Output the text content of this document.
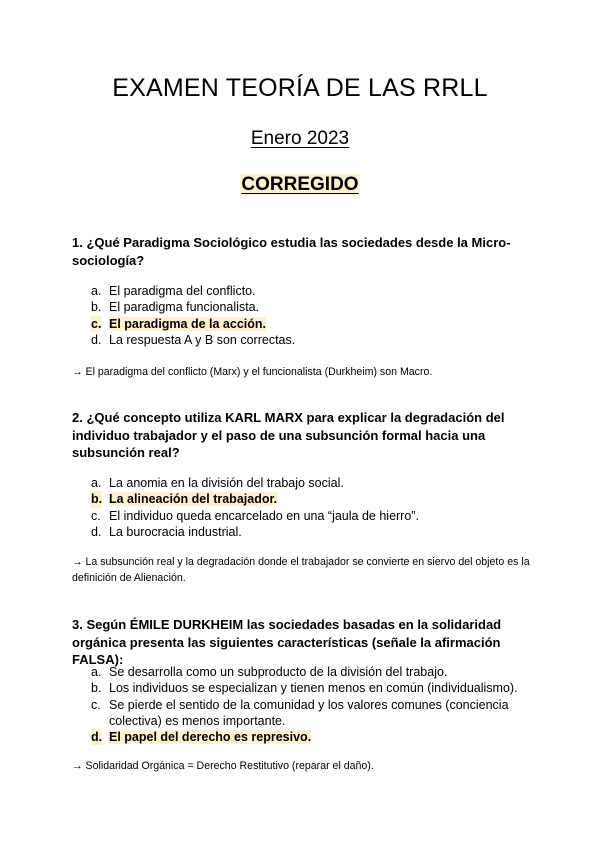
EXAMEN TEORÍA DE LAS RRLL
Enero 2023
CORREGIDO
1. ¿Qué Paradigma Sociológico estudia las sociedades desde la Micro-sociología?
a. El paradigma del conflicto.
b. El paradigma funcionalista.
c. El paradigma de la acción.
d. La respuesta A y B son correctas.
→ El paradigma del conflicto (Marx) y el funcionalista (Durkheim) son Macro.
2. ¿Qué concepto utiliza KARL MARX para explicar la degradación del individuo trabajador y el paso de una subsunción formal hacia una subsunción real?
a. La anomia en la división del trabajo social.
b. La alineación del trabajador.
c. El individuo queda encarcelado en una “jaula de hierro”.
d. La burocracia industrial.
→ La subsunción real y la degradación donde el trabajador se convierte en siervo del objeto es la definición de Alienación.
3. Según ÉMILE DURKHEIM las sociedades basadas en la solidaridad orgánica presenta las siguientes características (señale la afirmación FALSA):
a. Se desarrolla como un subproducto de la división del trabajo.
b. Los individuos se especializan y tienen menos en común (individualismo).
c. Se pierde el sentido de la comunidad y los valores comunes (conciencia colectiva) es menos importante.
d. El papel del derecho es represivo.
→ Solidaridad Orgánica = Derecho Restitutivo (reparar el daño).
